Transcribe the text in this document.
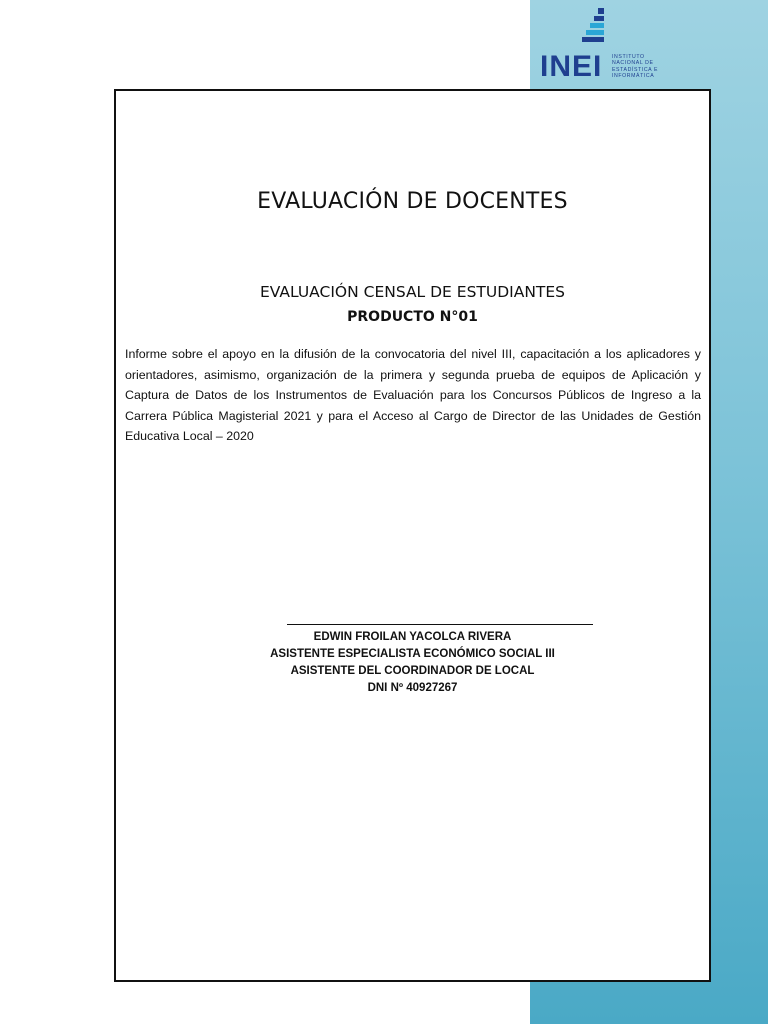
INEI INSTITUTO
NACIONAL DE
ESTADÍSTICA E
INFORMÁTICA
EVALUACIÓN DE DOCENTES
EVALUACIÓN CENSAL DE ESTUDIANTES
PRODUCTO N°01
Informe sobre el apoyo en la difusión de la convocatoria del nivel III, capacitación a los aplicadores y orientadores, asimismo, organización de la primera y segunda prueba de equipos de Aplicación y Captura de Datos de los Instrumentos de Evaluación para los Concursos Públicos de Ingreso a la Carrera Pública Magisterial 2021 y para el Acceso al Cargo de Director de las Unidades de Gestión Educativa Local – 2020
EDWIN FROILAN YACOLCA RIVERA
ASISTENTE ESPECIALISTA ECONÓMICO SOCIAL III
ASISTENTE DEL COORDINADOR DE LOCAL
DNI Nº 40927267
